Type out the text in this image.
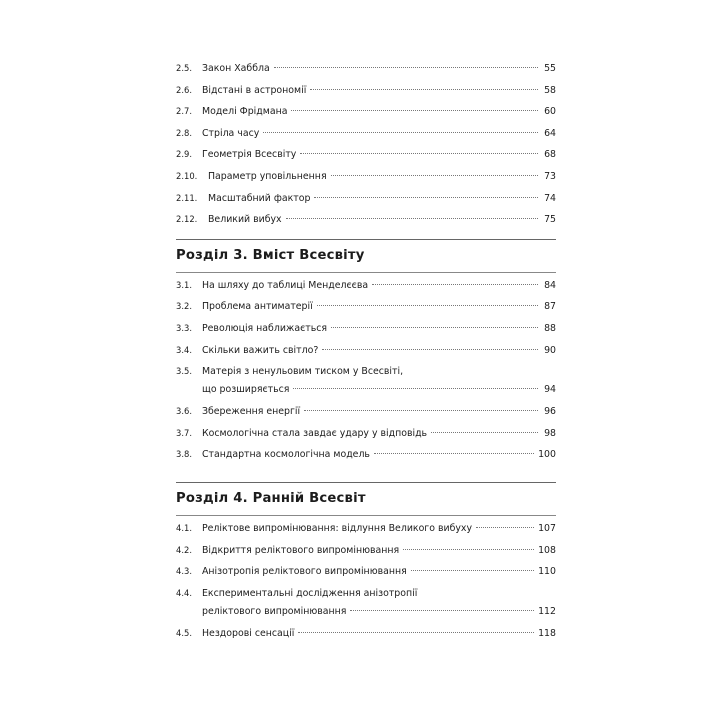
2.5.	Закон Хаббла	55
2.6.	Відстані в астрономії	58
2.7.	Моделі Фрідмана	60
2.8.	Стріла часу	64
2.9.	Геометрія Всесвіту	68
2.10.	Параметр уповільнення	73
2.11.	Масштабний фактор	74
2.12.	Великий вибух	75
Розділ 3. Вміст Всесвіту
3.1.	На шляху до таблиці Менделєєва	84
3.2.	Проблема антиматерії	87
3.3.	Революція наближається	88
3.4.	Скільки важить світло?	90
3.5.	Матерія з ненульовим тиском у Всесвіті,
що розширяється	94
3.6.	Збереження енергії	96
3.7.	Космологічна стала завдає удару у відповідь	98
3.8.	Стандартна космологічна модель	100
Розділ 4. Ранній Всесвіт
4.1.	Реліктове випромінювання: відлуння Великого вибуху	107
4.2.	Відкриття реліктового випромінювання	108
4.3.	Анізотропія реліктового випромінювання	110
4.4.	Експериментальні дослідження анізотропії
реліктового випромінювання	112
4.5.	Нездорові сенсації	118
